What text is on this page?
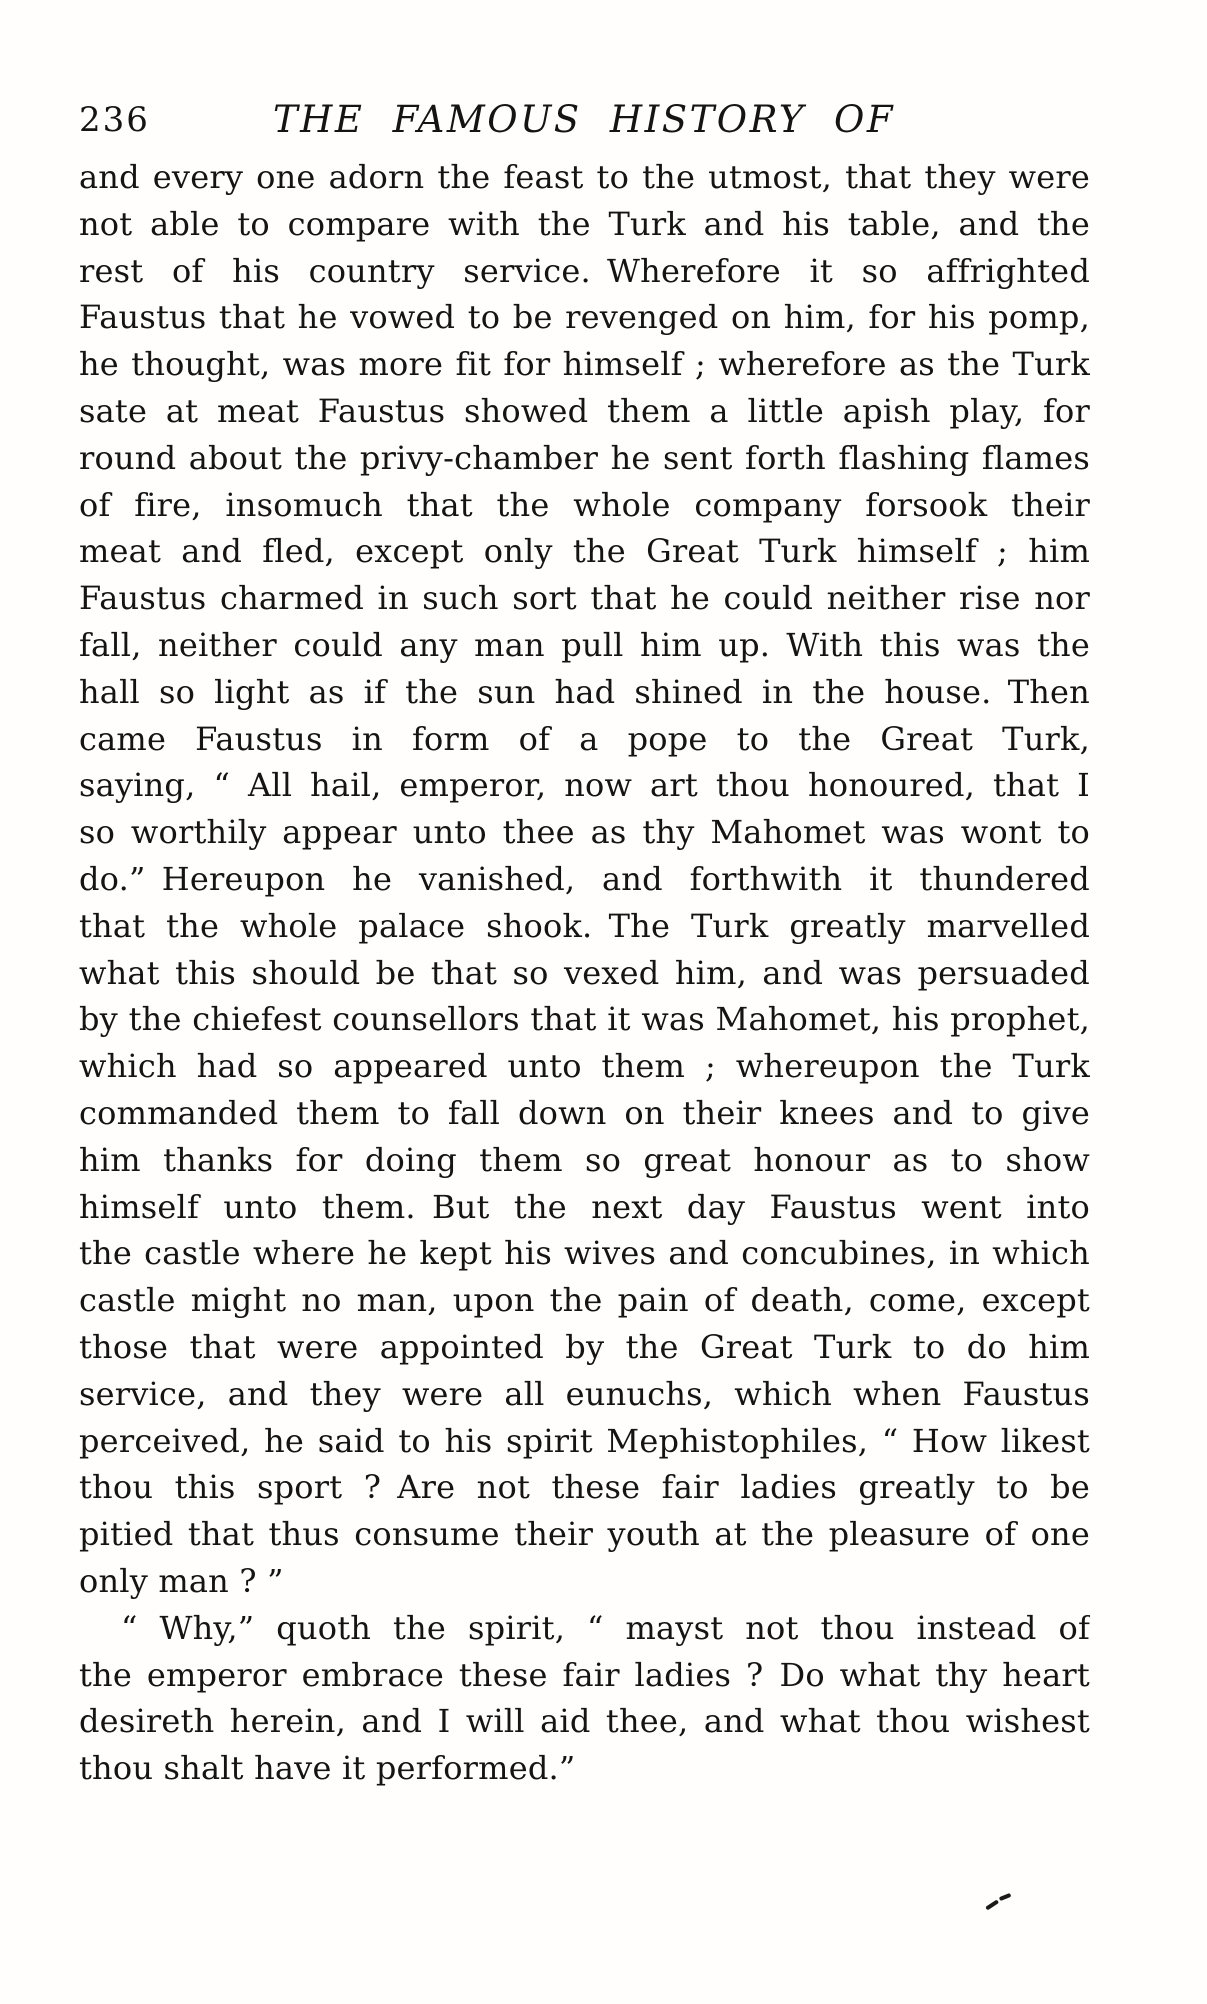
236	THE FAMOUS HISTORY OF
and every one adorn the feast to the utmost, that they were
not able to compare with the Turk and his table, and the
rest of his country service. Wherefore it so affrighted
Faustus that he vowed to be revenged on him, for his pomp,
he thought, was more fit for himself ; wherefore as the Turk
sate at meat Faustus showed them a little apish play, for
round about the privy-chamber he sent forth flashing flames
of fire, insomuch that the whole company forsook their
meat and fled, except only the Great Turk himself ; him
Faustus charmed in such sort that he could neither rise nor
fall, neither could any man pull him up. With this was the
hall so light as if the sun had shined in the house. Then
came Faustus in form of a pope to the Great Turk,
saying, “ All hail, emperor, now art thou honoured, that I
so worthily appear unto thee as thy Mahomet was wont to
do.” Hereupon he vanished, and forthwith it thundered
that the whole palace shook. The Turk greatly marvelled
what this should be that so vexed him, and was persuaded
by the chiefest counsellors that it was Mahomet, his prophet,
which had so appeared unto them ; whereupon the Turk
commanded them to fall down on their knees and to give
him thanks for doing them so great honour as to show
himself unto them. But the next day Faustus went into
the castle where he kept his wives and concubines, in which
castle might no man, upon the pain of death, come, except
those that were appointed by the Great Turk to do him
service, and they were all eunuchs, which when Faustus
perceived, he said to his spirit Mephistophiles, “ How likest
thou this sport ? Are not these fair ladies greatly to be
pitied that thus consume their youth at the pleasure of one
only man ? ”
“ Why,” quoth the spirit, “ mayst not thou instead of
the emperor embrace these fair ladies ? Do what thy heart
desireth herein, and I will aid thee, and what thou wishest
thou shalt have it performed.”
